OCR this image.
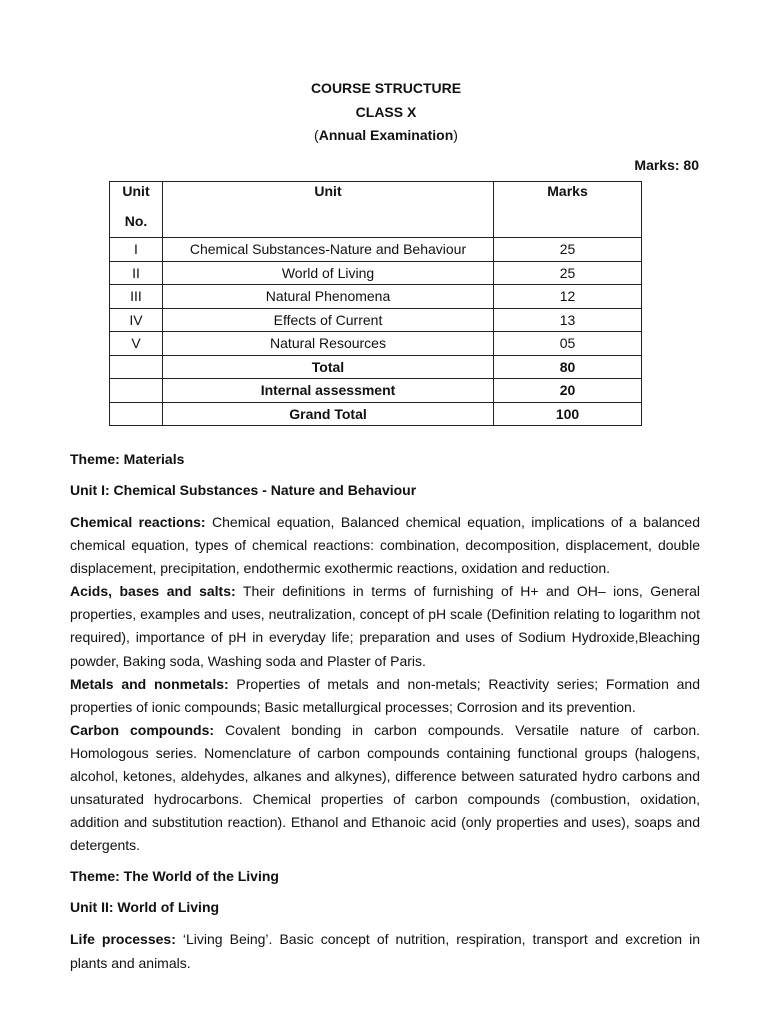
COURSE STRUCTURE
CLASS X
(Annual Examination)
Marks: 80
Unit
No.	Unit	Marks
I	Chemical Substances-Nature and Behaviour	25
II	World of Living	25
III	Natural Phenomena	12
IV	Effects of Current	13
V	Natural Resources	05
	Total	80
	Internal assessment	20
	Grand Total	100

Theme: Materials

Unit I: Chemical Substances - Nature and Behaviour

Chemical reactions: Chemical equation, Balanced chemical equation, implications of a balanced chemical equation, types of chemical reactions: combination, decomposition, displacement, double displacement, precipitation, endothermic exothermic reactions, oxidation and reduction.

Acids, bases and salts: Their definitions in terms of furnishing of H+ and OH– ions, General properties, examples and uses, neutralization, concept of pH scale (Definition relating to logarithm not required), importance of pH in everyday life; preparation and uses of Sodium Hydroxide,Bleaching powder, Baking soda, Washing soda and Plaster of Paris.

Metals and nonmetals: Properties of metals and non-metals; Reactivity series; Formation and properties of ionic compounds; Basic metallurgical processes; Corrosion and its prevention.

Carbon compounds: Covalent bonding in carbon compounds. Versatile nature of carbon. Homologous series. Nomenclature of carbon compounds containing functional groups (halogens, alcohol, ketones, aldehydes, alkanes and alkynes), difference between saturated hydro carbons and unsaturated hydrocarbons. Chemical properties of carbon compounds (combustion, oxidation, addition and substitution reaction). Ethanol and Ethanoic acid (only properties and uses), soaps and detergents.

Theme: The World of the Living

Unit II: World of Living

Life processes: ‘Living Being’. Basic concept of nutrition, respiration, transport and excretion in plants and animals.
